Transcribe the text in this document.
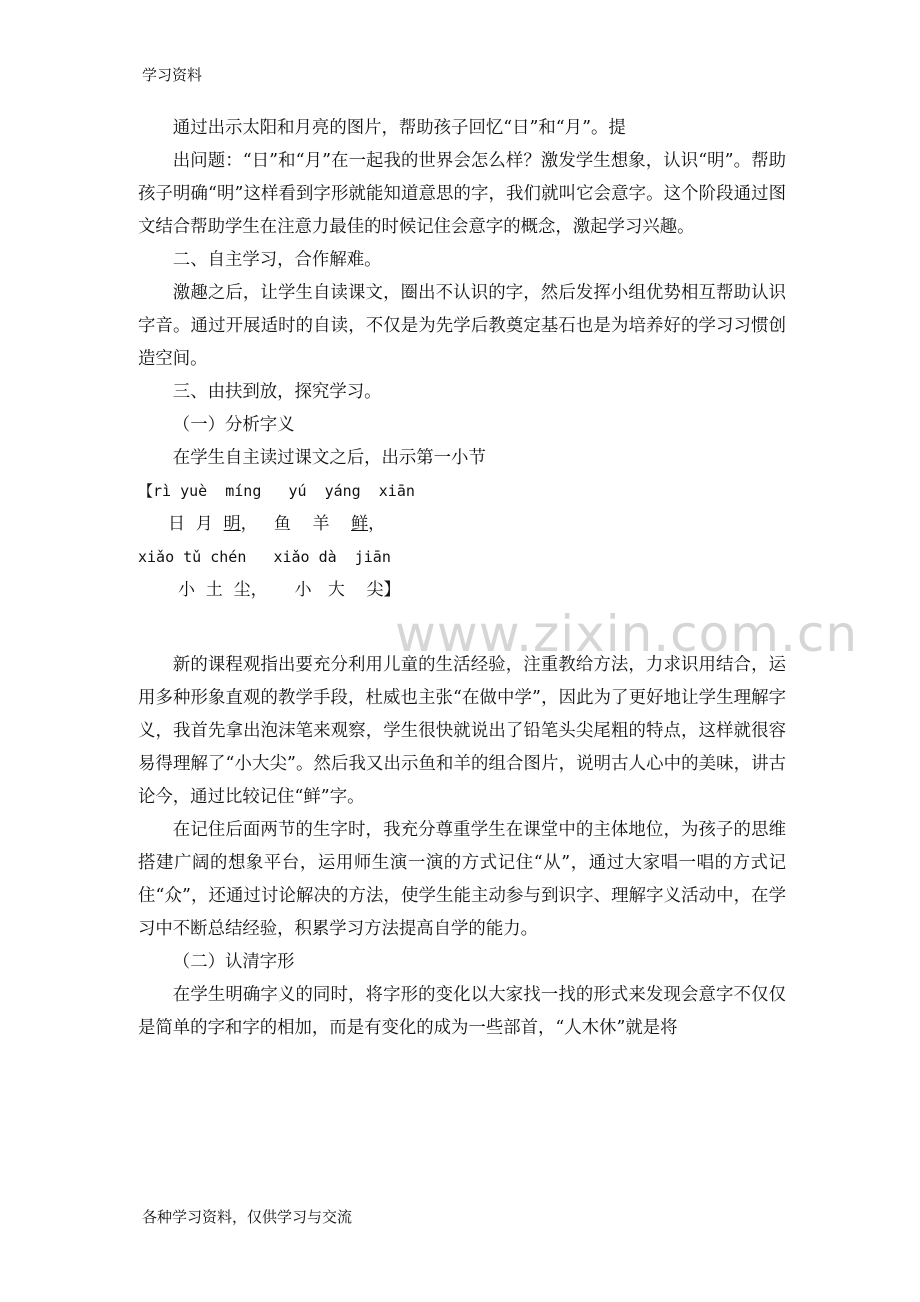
学习资料
www.zixin.com.cn

通过出示太阳和月亮的图片，帮助孩子回忆“日”和“月”。提

出问题：“日”和“月”在一起我的世界会怎么样？激发学生想象，认识“明”。帮助孩子明确“明”这样看到字形就能知道意思的字，我们就叫它会意字。这个阶段通过图文结合帮助学生在注意力最佳的时候记住会意字的概念，激起学习兴趣。

二、自主学习，合作解难。

激趣之后，让学生自读课文，圈出不认识的字，然后发挥小组优势相互帮助认识字音。通过开展适时的自读，不仅是为先学后教奠定基石也是为培养好的学习习惯创造空间。

三、由扶到放，探究学习。

（一）分析字义

在学生自主读过课文之后，出示第一小节

【rì yuè  míng   yú  yáng  xiān

日  月  明，   鱼    羊    鲜，

xiǎo tǔ chén   xiǎo dà  jiān

小  土  尘，     小   大    尖】

新的课程观指出要充分利用儿童的生活经验，注重教给方法，力求识用结合，运用多种形象直观的教学手段，杜威也主张“在做中学”，因此为了更好地让学生理解字义，我首先拿出泡沫笔来观察，学生很快就说出了铅笔头尖尾粗的特点，这样就很容易得理解了“小大尖”。然后我又出示鱼和羊的组合图片，说明古人心中的美味，讲古论今，通过比较记住“鲜”字。

在记住后面两节的生字时，我充分尊重学生在课堂中的主体地位，为孩子的思维搭建广阔的想象平台，运用师生演一演的方式记住“从”，通过大家唱一唱的方式记住“众”，还通过讨论解决的方法，使学生能主动参与到识字、理解字义活动中，在学习中不断总结经验，积累学习方法提高自学的能力。

（二）认清字形

在学生明确字义的同时，将字形的变化以大家找一找的形式来发现会意字不仅仅是简单的字和字的相加，而是有变化的成为一些部首，“人木休”就是将

各种学习资料，仅供学习与交流
